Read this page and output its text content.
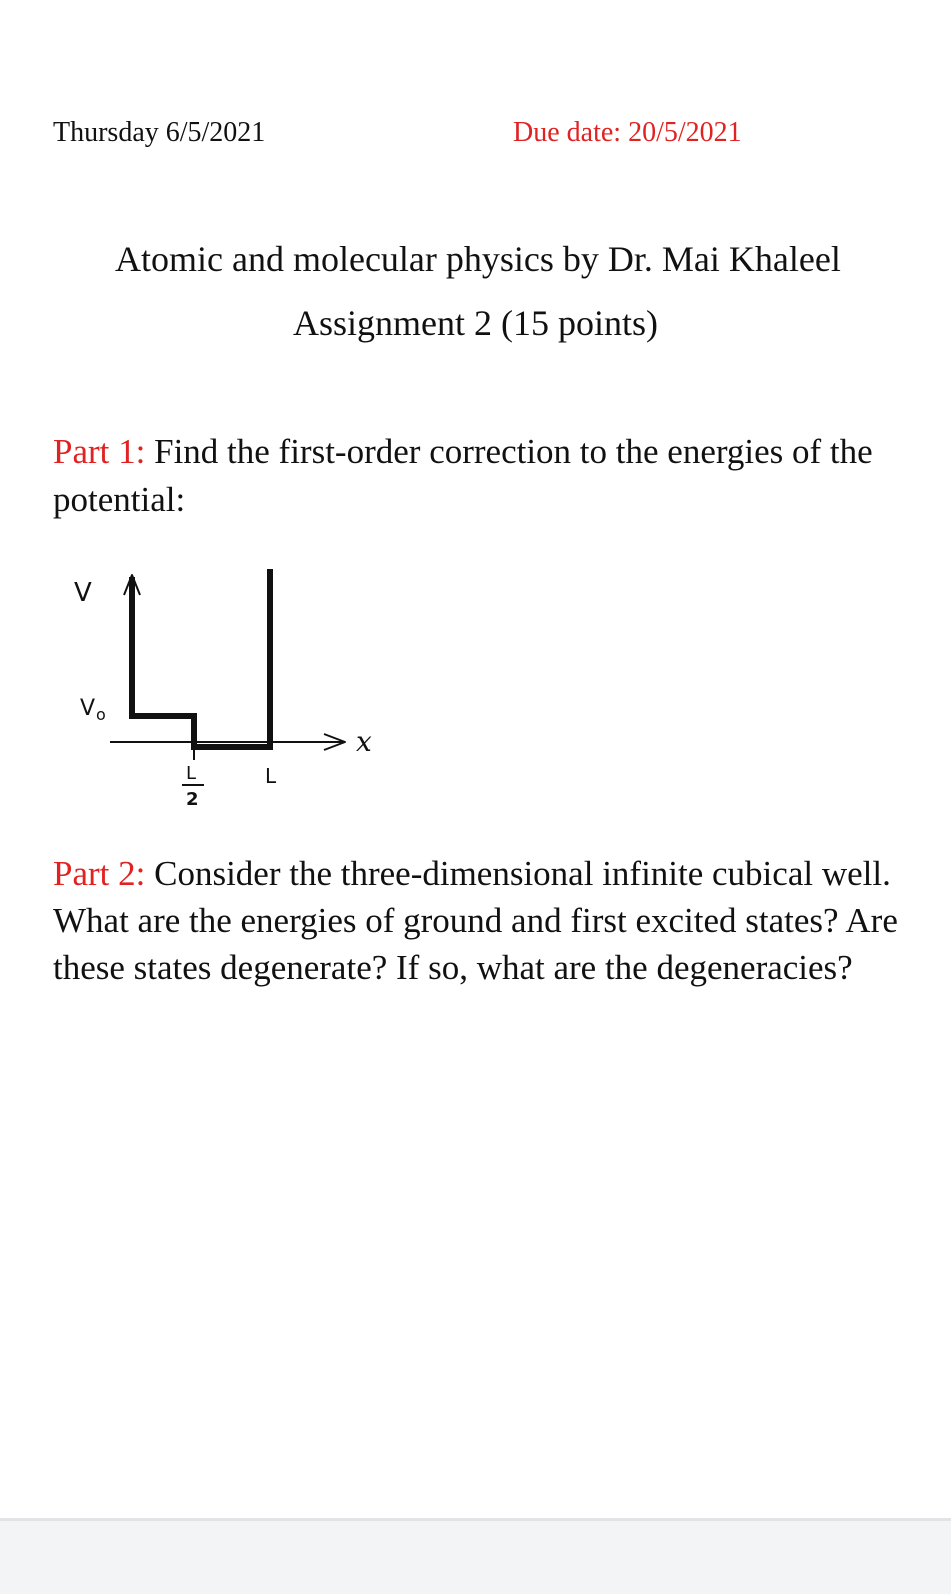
Thursday 6/5/2021	Due date: 20/5/2021
Atomic and molecular physics by Dr. Mai Khaleel
Assignment 2 (15 points)
Part 1: Find the first-order correction to the energies of the potential:
V
V o
x
L
2
L
Part 2: Consider the three-dimensional infinite cubical well. What are the energies of ground and first excited states? Are these states degenerate? If so, what are the degeneracies?
